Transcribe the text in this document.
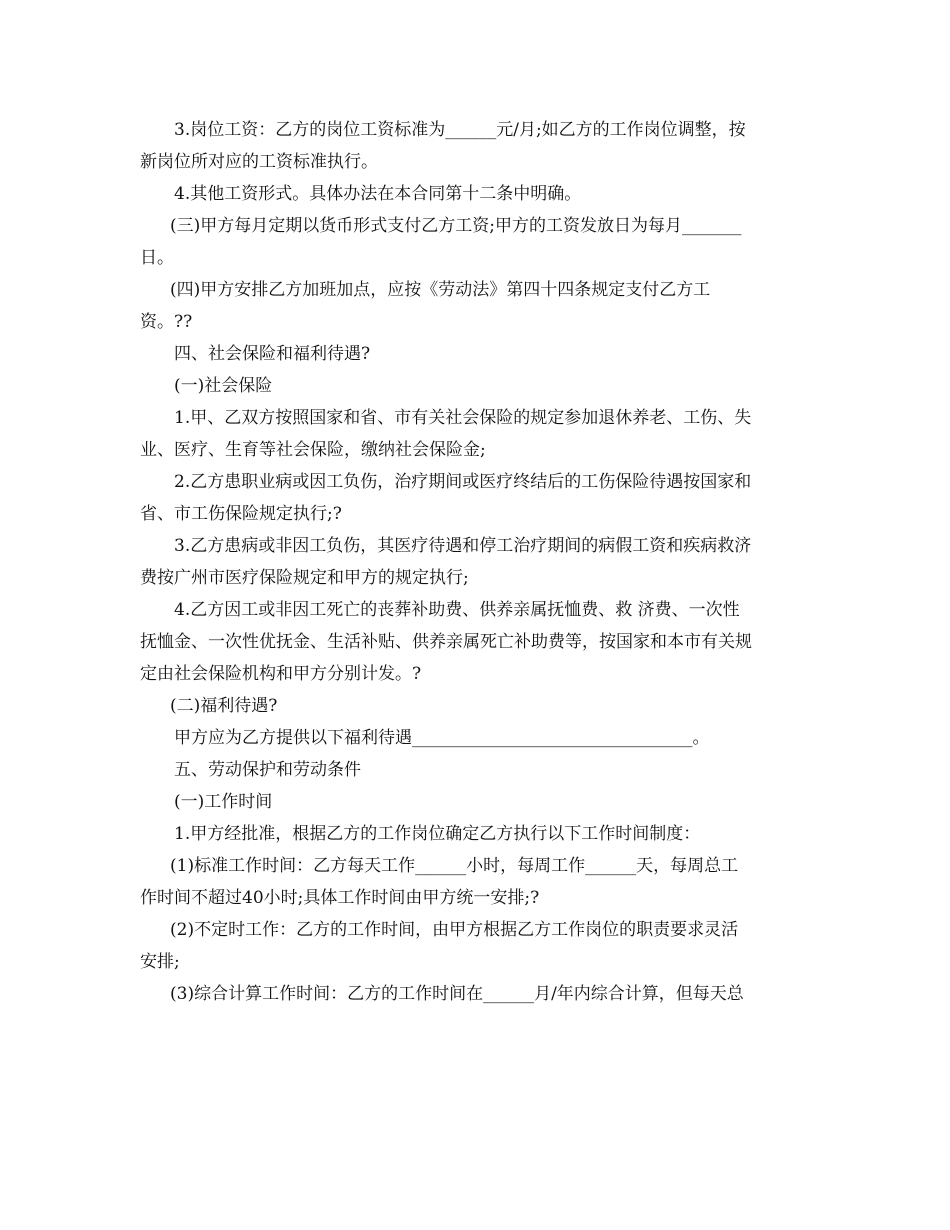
3.岗位工资：乙方的岗位工资标准为______元/月;如乙方的工作岗位调整，按
新岗位所对应的工资标准执行。
4.其他工资形式。具体办法在本合同第十二条中明确。
(三)甲方每月定期以货币形式支付乙方工资;甲方的工资发放日为每月_______
日。
(四)甲方安排乙方加班加点，应按《劳动法》第四十四条规定支付乙方工
资。??
四、社会保险和福利待遇?
(一)社会保险
1.甲、乙双方按照国家和省、市有关社会保险的规定参加退休养老、工伤、失
业、医疗、生育等社会保险，缴纳社会保险金;
2.乙方患职业病或因工负伤，治疗期间或医疗终结后的工伤保险待遇按国家和
省、市工伤保险规定执行;?
3.乙方患病或非因工负伤，其医疗待遇和停工治疗期间的病假工资和疾病救济
费按广州市医疗保险规定和甲方的规定执行;
4.乙方因工或非因工死亡的丧葬补助费、供养亲属抚恤费、救 济费、一次性
抚恤金、一次性优抚金、生活补贴、供养亲属死亡补助费等，按国家和本市有关规
定由社会保险机构和甲方分别计发。?
(二)福利待遇?
甲方应为乙方提供以下福利待遇_________________________________。
五、劳动保护和劳动条件
(一)工作时间
1.甲方经批准，根据乙方的工作岗位确定乙方执行以下工作时间制度：
(1)标准工作时间：乙方每天工作______小时，每周工作______天，每周总工
作时间不超过40小时;具体工作时间由甲方统一安排;?
(2)不定时工作：乙方的工作时间，由甲方根据乙方工作岗位的职责要求灵活
安排;
(3)综合计算工作时间：乙方的工作时间在______月/年内综合计算，但每天总
